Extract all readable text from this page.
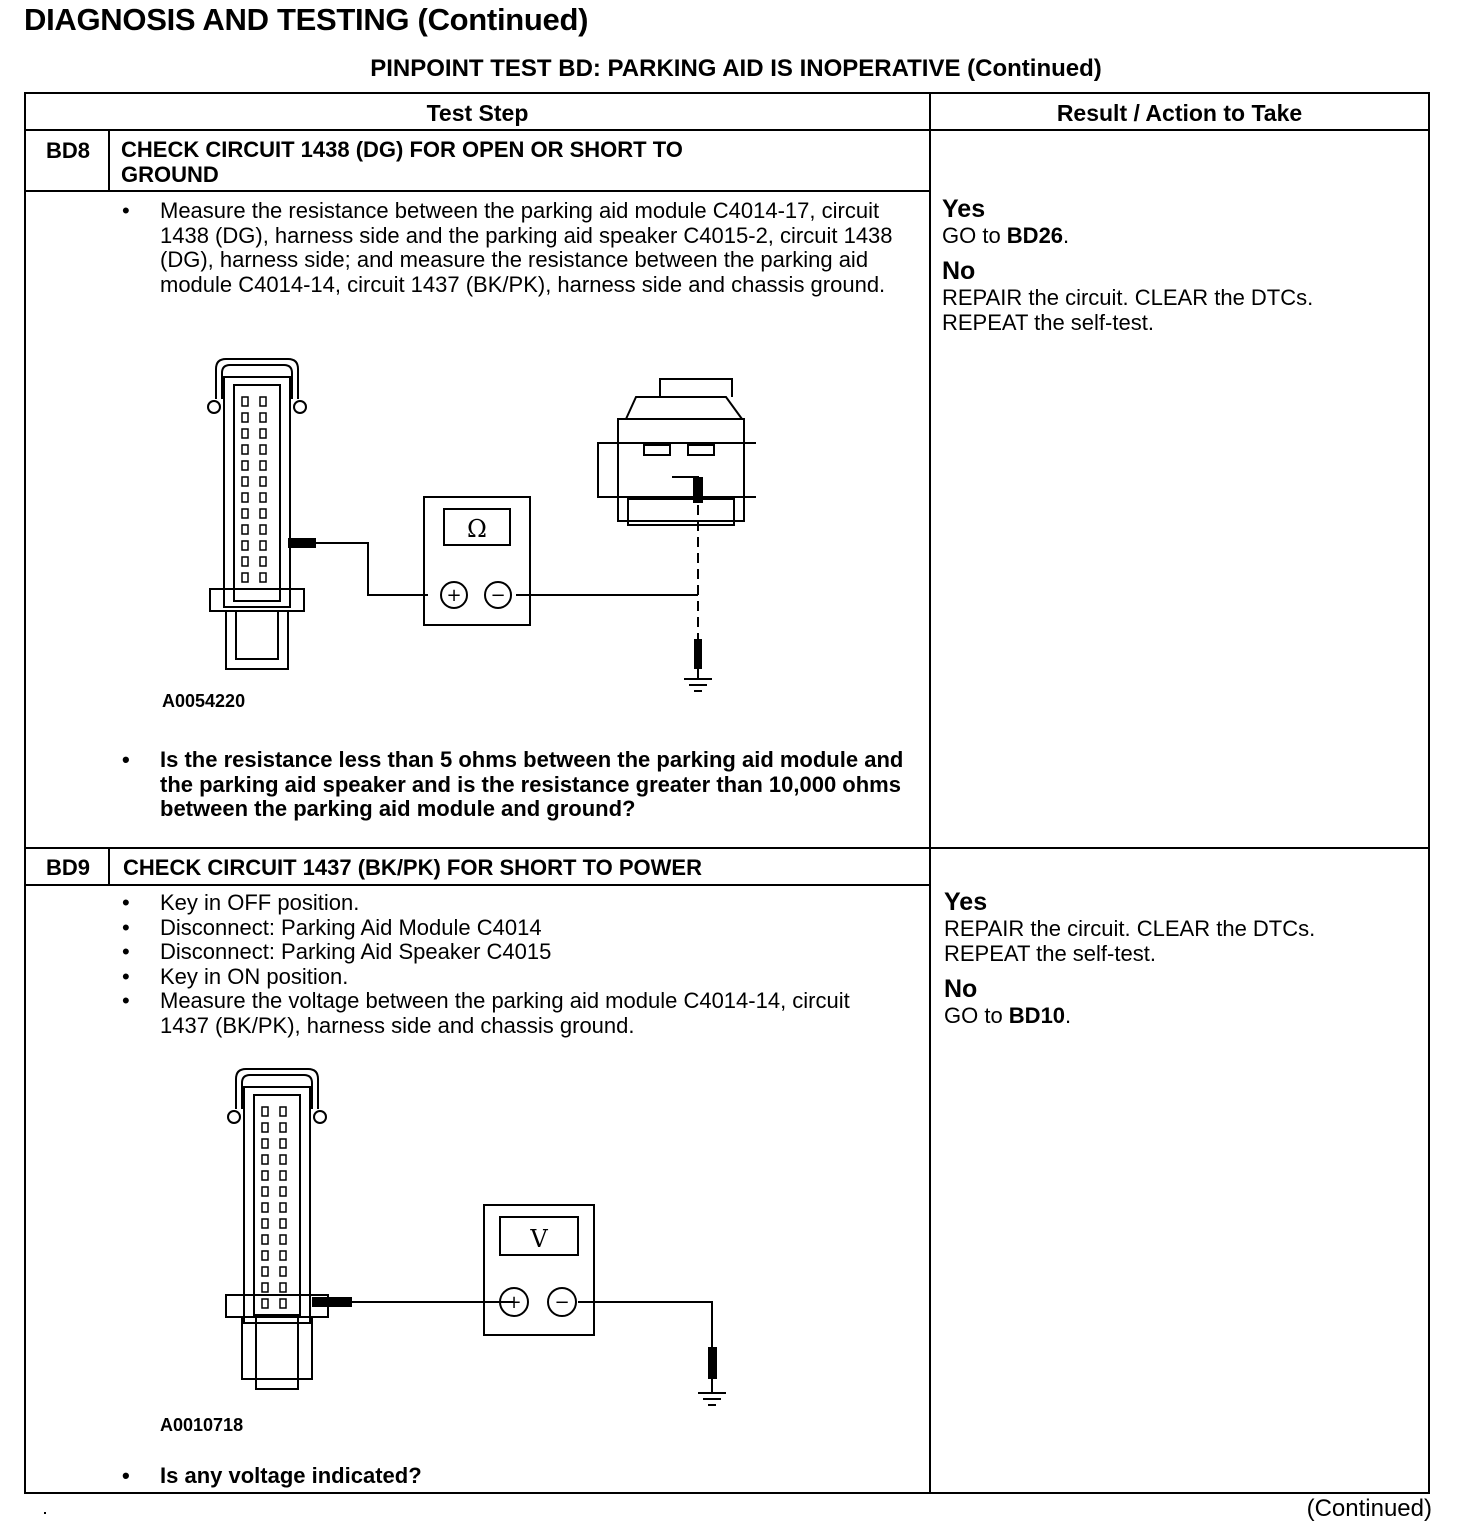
DIAGNOSIS AND TESTING (Continued)
PINPOINT TEST BD: PARKING AID IS INOPERATIVE (Continued)
Test Step	Result / Action to Take
BD8	CHECK CIRCUIT 1438 (DG) FOR OPEN OR SHORT TO
GROUND
• Measure the resistance between the parking aid module C4014-17, circuit 1438 (DG), harness side and the parking aid speaker C4015-2, circuit 1438 (DG), harness side; and measure the resistance between the parking aid module C4014-14, circuit 1437 (BK/PK), harness side and chassis ground.
Ω
+ −
A0054220
• Is the resistance less than 5 ohms between the parking aid module and the parking aid speaker and is the resistance greater than 10,000 ohms between the parking aid module and ground?
Yes
GO to BD26.
No
REPAIR the circuit. CLEAR the DTCs.
REPEAT the self-test.
BD9	CHECK CIRCUIT 1437 (BK/PK) FOR SHORT TO POWER
• Key in OFF position.
• Disconnect: Parking Aid Module C4014
• Disconnect: Parking Aid Speaker C4015
• Key in ON position.
• Measure the voltage between the parking aid module C4014-14, circuit 1437 (BK/PK), harness side and chassis ground.
V
+ −
A0010718
• Is any voltage indicated?
Yes
REPAIR the circuit. CLEAR the DTCs.
REPEAT the self-test.
No
GO to BD10.
(Continued)
